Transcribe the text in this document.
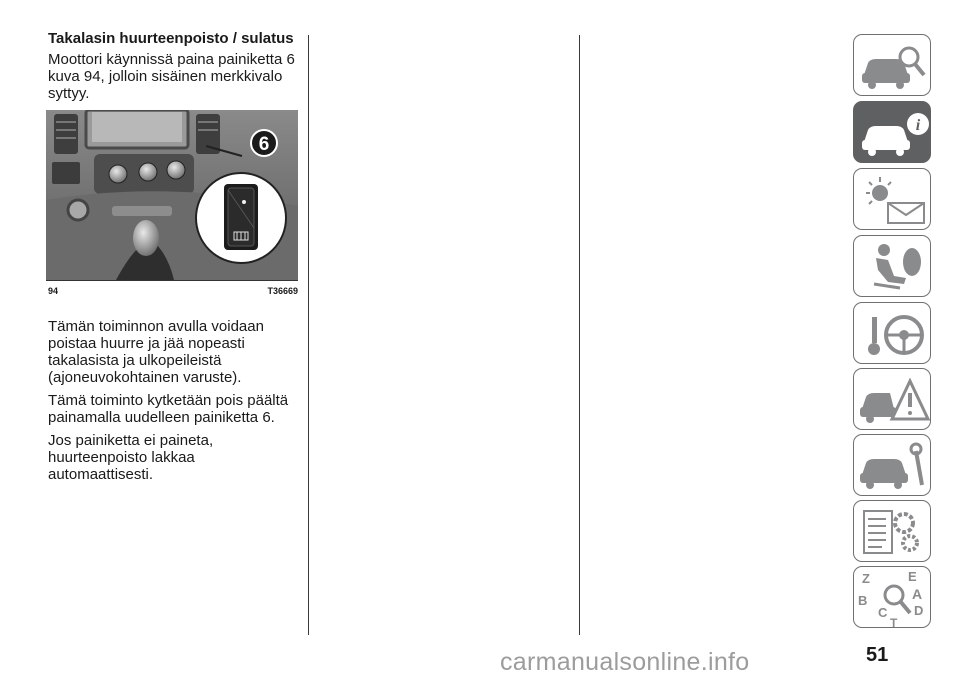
Takalasin huurteenpoisto / sulatus
Moottori käynnissä paina painiketta 6 kuva 94, jolloin sisäinen merkkivalo syttyy.
6
94	T36669
Tämän toiminnon avulla voidaan poistaa huurre ja jää nopeasti takalasista ja ulkopeileistä (ajoneuvokohtainen varuste).
Tämä toiminto kytketään pois päältä painamalla uudelleen painiketta 6.
Jos painiketta ei paineta, huurteenpoisto lakkaa automaattisesti.
i
Z	E
A
B
C D
T
carmanualsonline.info	51
